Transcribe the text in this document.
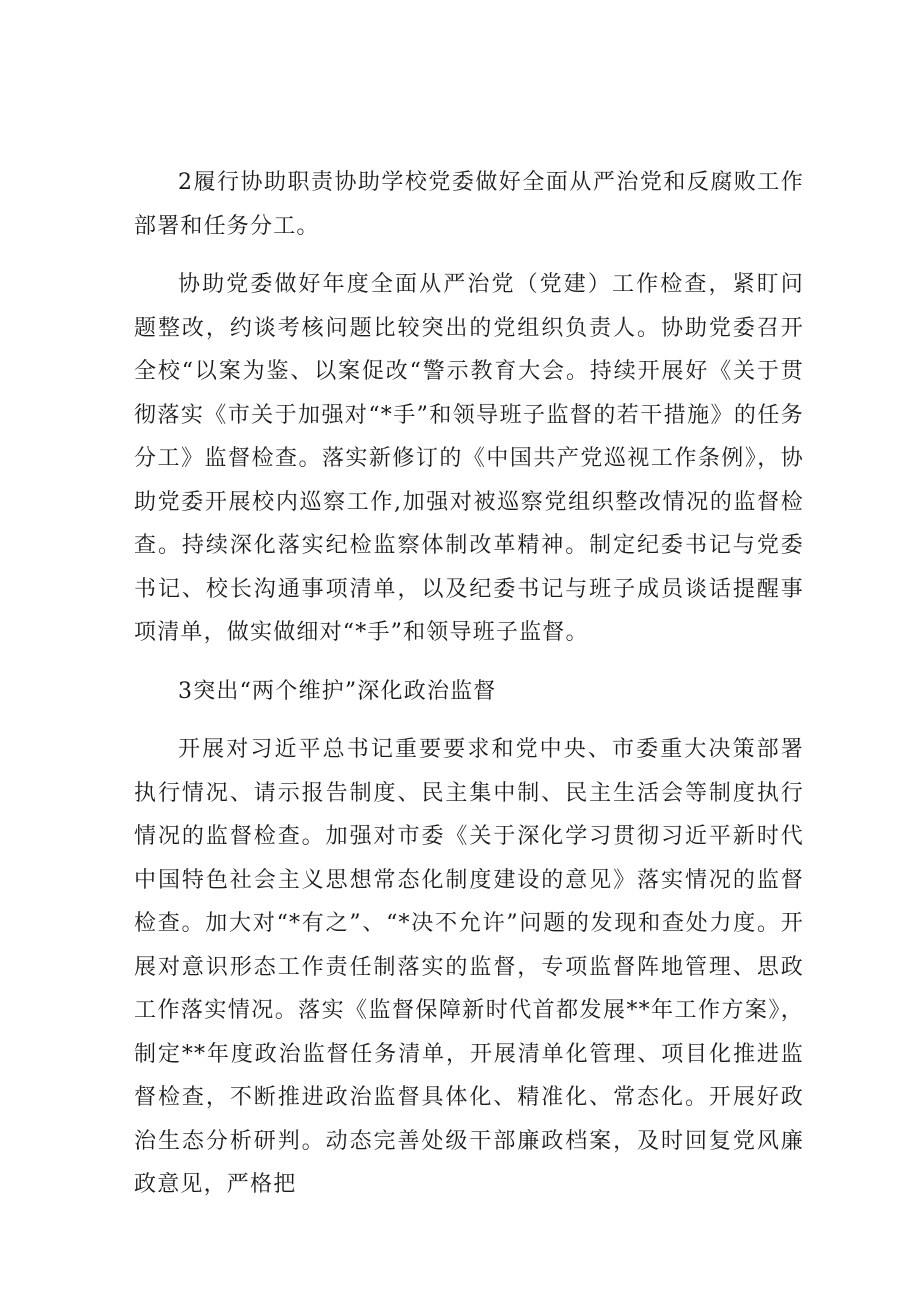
2履行协助职责协助学校党委做好全面从严治党和反腐败工作部署和任务分工。

协助党委做好年度全面从严治党（党建）工作检查，紧盯问题整改，约谈考核问题比较突出的党组织负责人。协助党委召开全校“以案为鉴、以案促改“警示教育大会。持续开展好《关于贯彻落实《市关于加强对“*手”和领导班子监督的若干措施》的任务分工》监督检查。落实新修订的《中国共产党巡视工作条例》，协助党委开展校内巡察工作,加强对被巡察党组织整改情况的监督检查。持续深化落实纪检监察体制改革精神。制定纪委书记与党委书记、校长沟通事项清单，以及纪委书记与班子成员谈话提醒事项清单，做实做细对“*手”和领导班子监督。

3突出“两个维护”深化政治监督

开展对习近平总书记重要要求和党中央、市委重大决策部署执行情况、请示报告制度、民主集中制、民主生活会等制度执行情况的监督检查。加强对市委《关于深化学习贯彻习近平新时代中国特色社会主义思想常态化制度建设的意见》落实情况的监督检查。加大对“*有之”、“*决不允许”问题的发现和查处力度。开展对意识形态工作责任制落实的监督，专项监督阵地管理、思政工作落实情况。落实《监督保障新时代首都发展**年工作方案》，制定**年度政治监督任务清单，开展清单化管理、项目化推进监督检查，不断推进政治监督具体化、精准化、常态化。开展好政治生态分析研判。动态完善处级干部廉政档案，及时回复党风廉政意见，严格把
